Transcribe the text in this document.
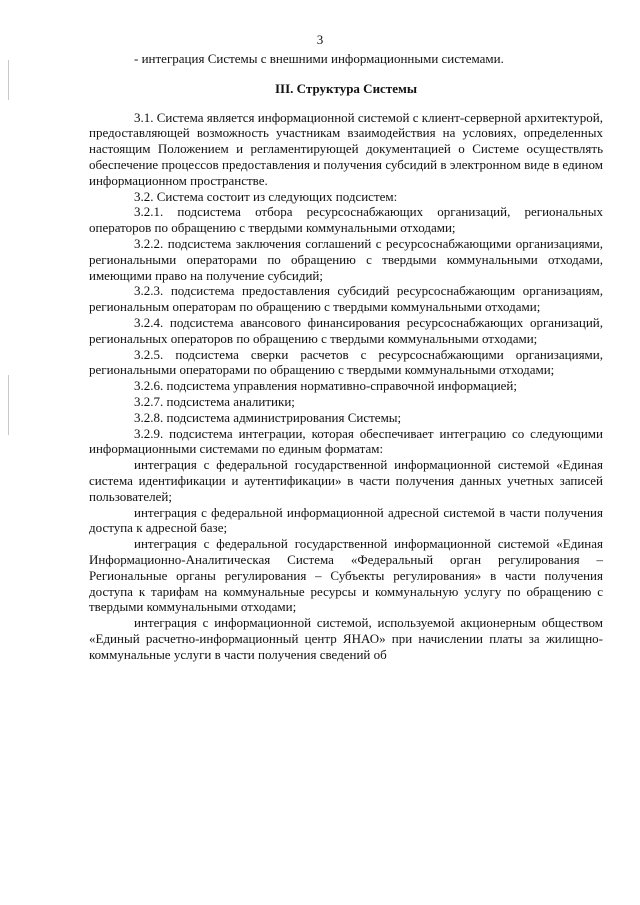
3

- интеграция Системы с внешними информационными системами.

III. Структура Системы

3.1. Система является информационной системой с клиент-серверной архитектурой, предоставляющей возможность участникам взаимодействия на условиях, определенных настоящим Положением и регламентирующей документацией о Системе осуществлять обеспечение процессов предоставления и получения субсидий в электронном виде в едином информационном пространстве.

3.2. Система состоит из следующих подсистем:

3.2.1. подсистема отбора ресурсоснабжающих организаций, региональных операторов по обращению с твердыми коммунальными отходами;

3.2.2. подсистема заключения соглашений с ресурсоснабжающими организациями, региональными операторами по обращению с твердыми коммунальными отходами, имеющими право на получение субсидий;

3.2.3. подсистема предоставления субсидий ресурсоснабжающим организациям, региональным операторам по обращению с твердыми коммунальными отходами;

3.2.4. подсистема авансового финансирования ресурсоснабжающих организаций, региональных операторов по обращению с твердыми коммунальными отходами;

3.2.5. подсистема сверки расчетов с ресурсоснабжающими организациями, региональными операторами по обращению с твердыми коммунальными отходами;

3.2.6. подсистема управления нормативно-справочной информацией;

3.2.7. подсистема аналитики;

3.2.8. подсистема администрирования Системы;

3.2.9. подсистема интеграции, которая обеспечивает интеграцию со следующими информационными системами по единым форматам:

интеграция с федеральной государственной информационной системой «Единая система идентификации и аутентификации» в части получения данных учетных записей пользователей;

интеграция с федеральной информационной адресной системой в части получения доступа к адресной базе;

интеграция с федеральной государственной информационной системой «Единая Информационно-Аналитическая Система «Федеральный орган регулирования – Региональные органы регулирования – Субъекты регулирования» в части получения доступа к тарифам на коммунальные ресурсы и коммунальную услугу по обращению с твердыми коммунальными отходами;

интеграция с информационной системой, используемой акционерным обществом «Единый расчетно-информационный центр ЯНАО» при начислении платы за жилищно-коммунальные услуги в части получения сведений об
